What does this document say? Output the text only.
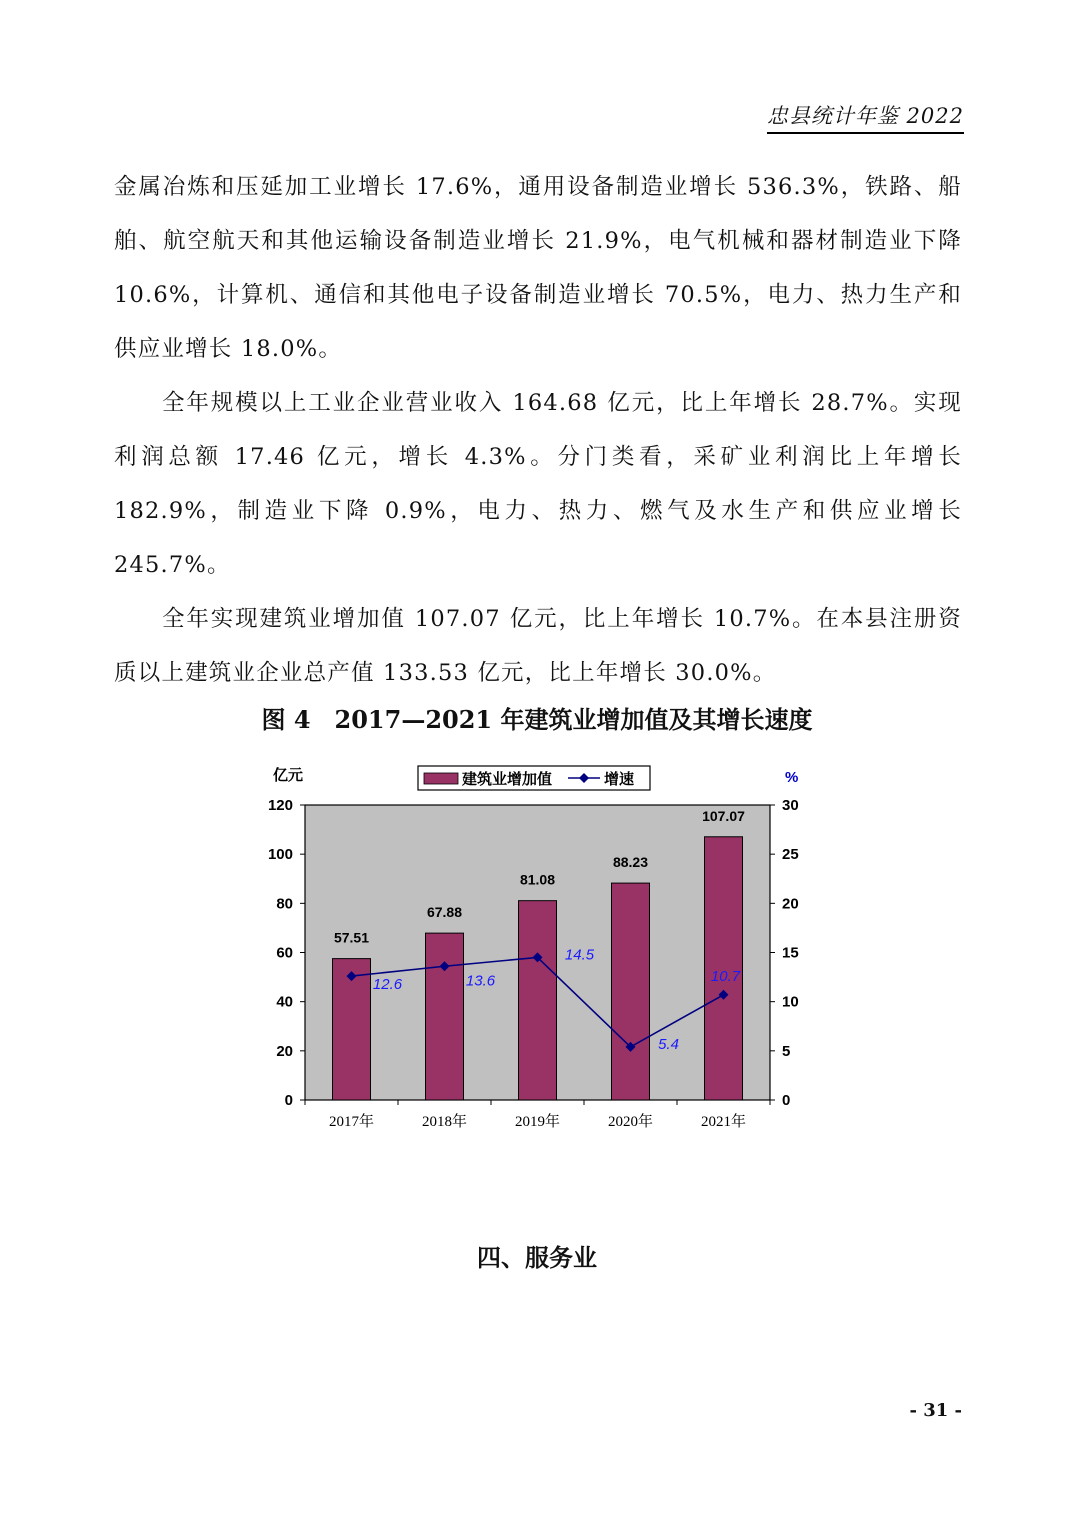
忠县统计年鉴 2022

金属冶炼和压延加工业增长 17.6%，通用设备制造业增长 536.3%，铁路、船舶、航空航天和其他运输设备制造业增长 21.9%，电气机械和器材制造业下降 10.6%，计算机、通信和其他电子设备制造业增长 70.5%，电力、热力生产和供应业增长 18.0%。

全年规模以上工业企业营业收入 164.68 亿元，比上年增长 28.7%。实现利润总额 17.46 亿元，增长 4.3%。分门类看，采矿业利润比上年增长 182.9%，制造业下降 0.9%，电力、热力、燃气及水生产和供应业增长 245.7%。

全年实现建筑业增加值 107.07 亿元，比上年增长 10.7%。在本县注册资质以上建筑业企业总产值 133.53 亿元，比上年增长 30.0%。

图 4　2017—2021 年建筑业增加值及其增长速度
0
20
40
60
80
100
120
0
5
10
15
20
25
30
亿元	%
2017年	2018年	2019年	2020年	2021年
57.51
67.88
81.08
88.23
107.07
12.6	13.6
14.5
5.4
10.7
建筑业增加值	增速
四、服务业
- 31 -
